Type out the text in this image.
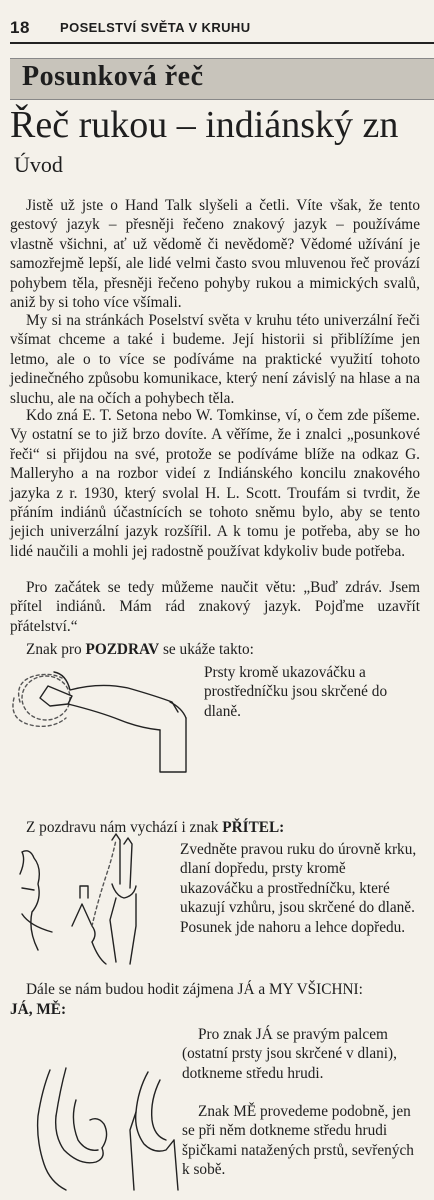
18 POSELSTVÍ SVĚTA V KRUHU
Posunková řeč
Řeč rukou – indiánský zn
Úvod

Jistě už jste o Hand Talk slyšeli a četli. Víte však, že tento gestový jazyk – přesněji řečeno znakový jazyk – používáme vlastně všichni, ať už vědomě či nevědomě? Vědomé užívání je samozřejmě lepší, ale lidé velmi často svou mluvenou řeč provází pohybem těla, přesněji řečeno pohyby rukou a mimických svalů, aniž by si toho více všímali.

My si na stránkách Poselství světa v kruhu této univerzální řeči všímat chceme a také i budeme. Její historii si přiblížíme jen letmo, ale o to více se podíváme na praktické využití tohoto jedinečného způsobu komunikace, který není závislý na hlase a na sluchu, ale na očích a pohybech těla.

Kdo zná E. T. Setona nebo W. Tomkinse, ví, o čem zde píšeme. Vy ostatní se to již brzo dovíte. A věříme, že i znalci „posunkové řeči“ si přijdou na své, protože se podíváme blíže na odkaz G. Malleryho a na rozbor videí z Indiánského koncilu znakového jazyka z r. 1930, který svolal H. L. Scott. Troufám si tvrdit, že přáním indiánů účastnících se tohoto sněmu bylo, aby se tento jejich univerzální jazyk rozšířil. A k tomu je potřeba, aby se ho lidé naučili a mohli jej radostně používat kdykoliv bude potřeba.

Pro začátek se tedy můžeme naučit větu: „Buď zdráv. Jsem přítel indiánů. Mám rád znakový jazyk. Pojďme uzavřít přátelství.“

Znak pro POZDRAV se ukáže takto:

Prsty kromě ukazováčku a prostředníčku jsou skrčené do dlaně.

Z pozdravu nám vychází i znak PŘÍTEL:

Zvedněte pravou ruku do úrovně krku, dlaní dopředu, prsty kromě ukazováčku a prostředníčku, které ukazují vzhůru, jsou skrčené do dlaně. Posunek jde nahoru a lehce dopředu.

Dále se nám budou hodit zájmena JÁ a MY VŠICHNI:
JÁ, MĚ:

Pro znak JÁ se pravým palcem (ostatní prsty jsou skrčené v dlani), dotkneme středu hrudi.

Znak MĚ provedeme podobně, jen se při něm dotkneme středu hrudi špičkami natažených prstů, sevřených k sobě.
